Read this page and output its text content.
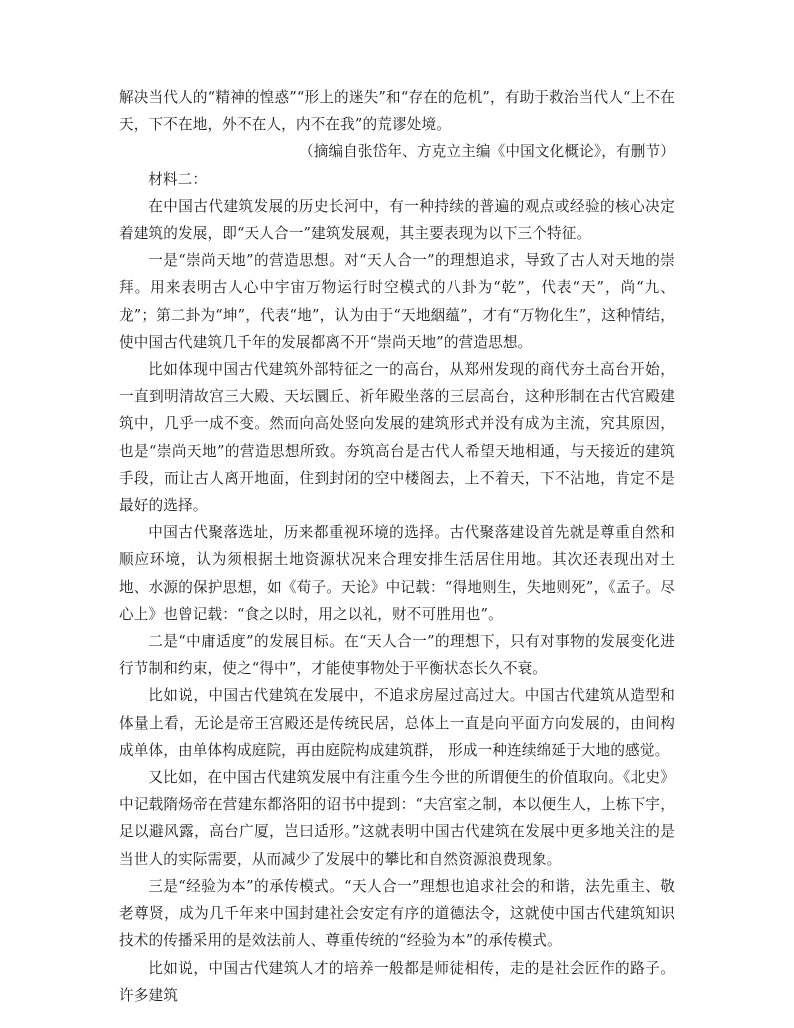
解决当代人的“精神的惶惑”“形上的迷失”和“存在的危机”，有助于救治当代人“上不在天，下不在地，外不在人，内不在我”的荒谬处境。

（摘编自张岱年、方克立主编《中国文化概论》，有删节）

材料二：

在中国古代建筑发展的历史长河中，有一种持续的普遍的观点或经验的核心决定着建筑的发展，即“天人合一”建筑发展观，其主要表现为以下三个特征。

一是“崇尚天地”的营造思想。对“天人合一”的理想追求，导致了古人对天地的崇拜。用来表明古人心中宇宙万物运行时空模式的八卦为“乾”，代表“天”，尚“九、龙”；第二卦为“坤”，代表“地”，认为由于“天地絪蕴”，才有“万物化生”，这种情结，使中国古代建筑几千年的发展都离不开“崇尚天地”的营造思想。

比如体现中国古代建筑外部特征之一的高台，从郑州发现的商代夯土高台开始，一直到明清故宫三大殿、天坛圜丘、祈年殿坐落的三层高台，这种形制在古代宫殿建筑中，几乎一成不变。然而向高处竖向发展的建筑形式并没有成为主流，究其原因，也是“崇尚天地”的营造思想所致。夯筑高台是古代人希望天地相通，与天接近的建筑手段，而让古人离开地面，住到封闭的空中楼阁去，上不着天，下不沾地，肯定不是最好的选择。

中国古代聚落选址，历来都重视环境的选择。古代聚落建设首先就是尊重自然和顺应环境，认为须根据土地资源状况来合理安排生活居住用地。其次还表现出对土地、水源的保护思想，如《荀子。天论》中记载：“得地则生，失地则死”，《孟子。尽心上》也曾记载：“食之以时，用之以礼，财不可胜用也”。

二是“中庸适度”的发展目标。在“天人合一”的理想下，只有对事物的发展变化进行节制和约束，使之“得中”，才能使事物处于平衡状态长久不衰。

比如说，中国古代建筑在发展中，不追求房屋过高过大。中国古代建筑从造型和体量上看，无论是帝王宫殿还是传统民居，总体上一直是向平面方向发展的，由间构成单体，由单体构成庭院，再由庭院构成建筑群， 形成一种连续绵延于大地的感觉。

又比如，在中国古代建筑发展中有注重今生今世的所谓便生的价值取向。《北史》中记载隋炀帝在营建东都洛阳的诏书中提到：“夫宫室之制，本以便生人，上栋下宇，足以避风露，高台广厦，岂曰适形。”这就表明中国古代建筑在发展中更多地关注的是当世人的实际需要，从而减少了发展中的攀比和自然资源浪费现象。

三是“经验为本”的承传模式。“天人合一”理想也追求社会的和谐，法先重主、敬老尊贤，成为几千年来中国封建社会安定有序的道德法令，这就使中国古代建筑知识技术的传播采用的是效法前人、尊重传统的“经验为本”的承传模式。

比如说，中国古代建筑人才的培养一般都是师徒相传，走的是社会匠作的路子。许多建筑
